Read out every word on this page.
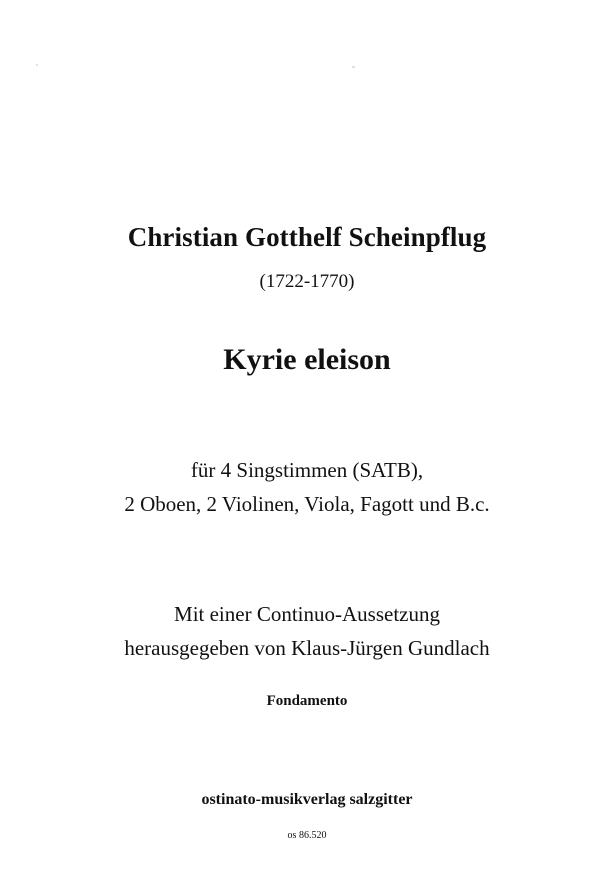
Christian Gotthelf Scheinpflug
(1722-1770)
Kyrie eleison
für 4 Singstimmen (SATB),
2 Oboen, 2 Violinen, Viola, Fagott und B.c.
Mit einer Continuo-Aussetzung
herausgegeben von Klaus-Jürgen Gundlach
Fondamento
ostinato-musikverlag salzgitter
os 86.520
